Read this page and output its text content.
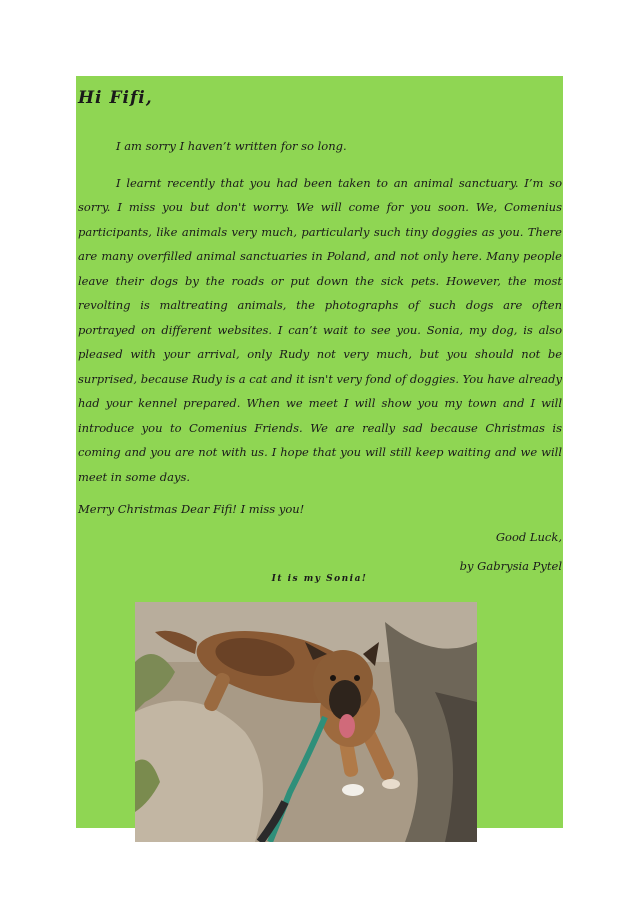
Hi Fifi,

I am sorry I haven’t written for so long.

I learnt recently that you had been taken to an animal sanctuary. I’m so sorry. I miss you but don't worry. We will come for you soon. We, Comenius participants, like animals very much, particularly such tiny doggies as you. There are many overfilled animal sanctuaries in Poland, and not only here. Many people leave their dogs by the roads or put down the sick pets. However, the most revolting is maltreating animals, the photographs of such dogs are often portrayed on different websites. I can’t wait to see you. Sonia, my dog, is also pleased with your arrival, only Rudy not very much, but you should not be surprised, because Rudy is a cat and it isn't very fond of doggies. You have already had your kennel prepared. When we meet I will show you my town and I will introduce you to Comenius Friends. We are really sad because Christmas is coming and you are not with us. I hope that you will still keep waiting and we will meet in some days.

Merry Christmas Dear Fifi! I miss you!

Good Luck,

by Gabrysia Pytel

It is my Sonia!
